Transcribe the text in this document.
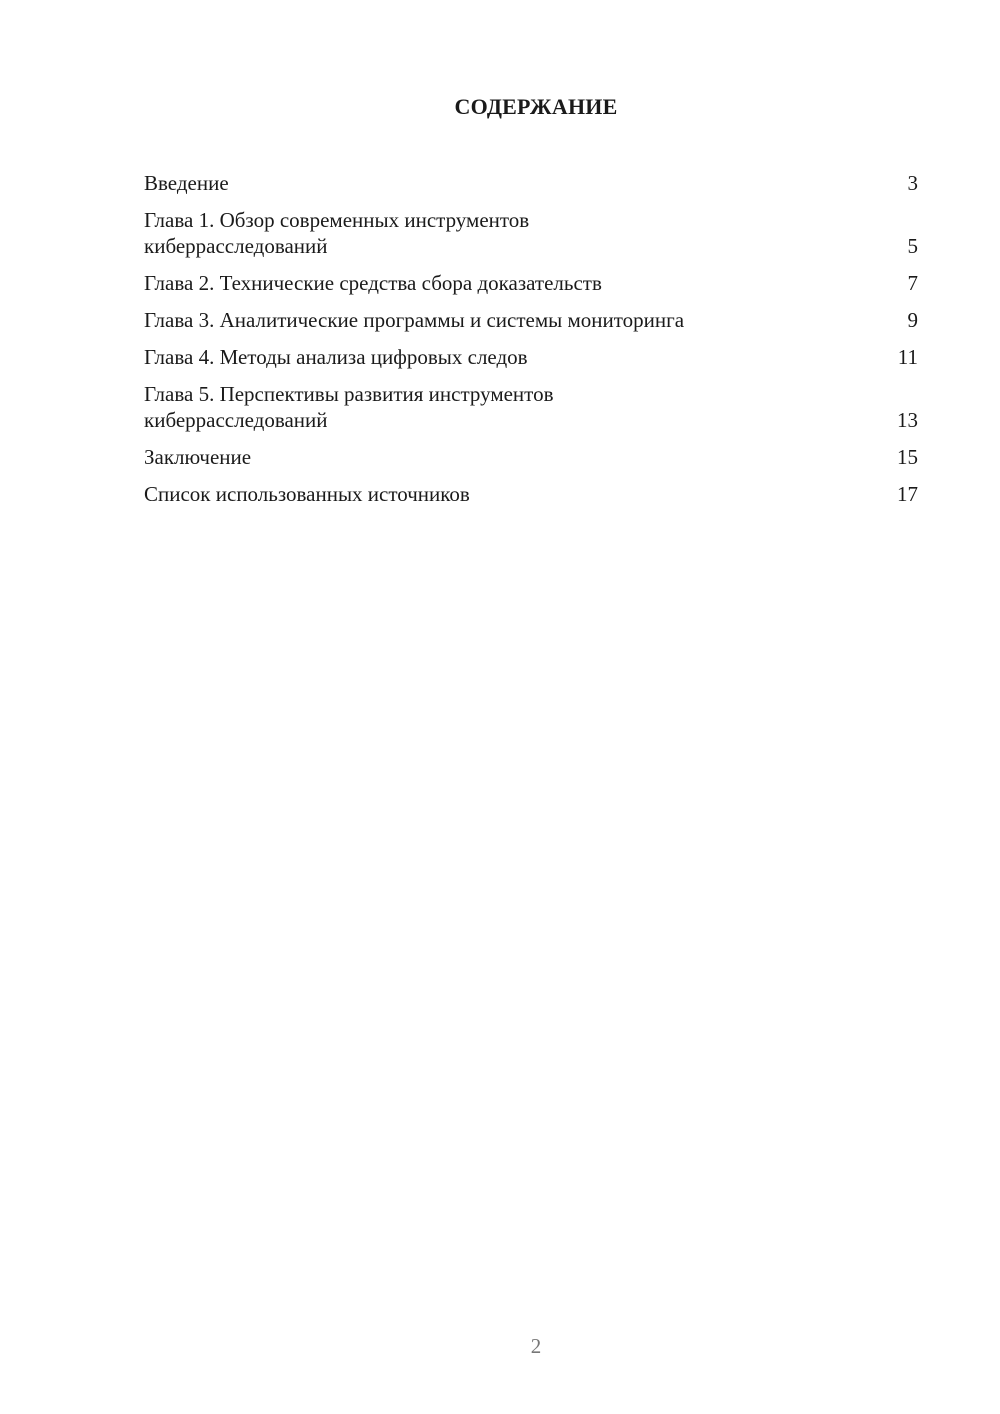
СОДЕРЖАНИЕ
Введение	3
Глава 1. Обзор современных инструментов киберрасследований	5
Глава 2. Технические средства сбора доказательств	7
Глава 3. Аналитические программы и системы мониторинга	9
Глава 4. Методы анализа цифровых следов	11
Глава 5. Перспективы развития инструментов киберрасследований	13
Заключение	15
Список использованных источников	17
2
